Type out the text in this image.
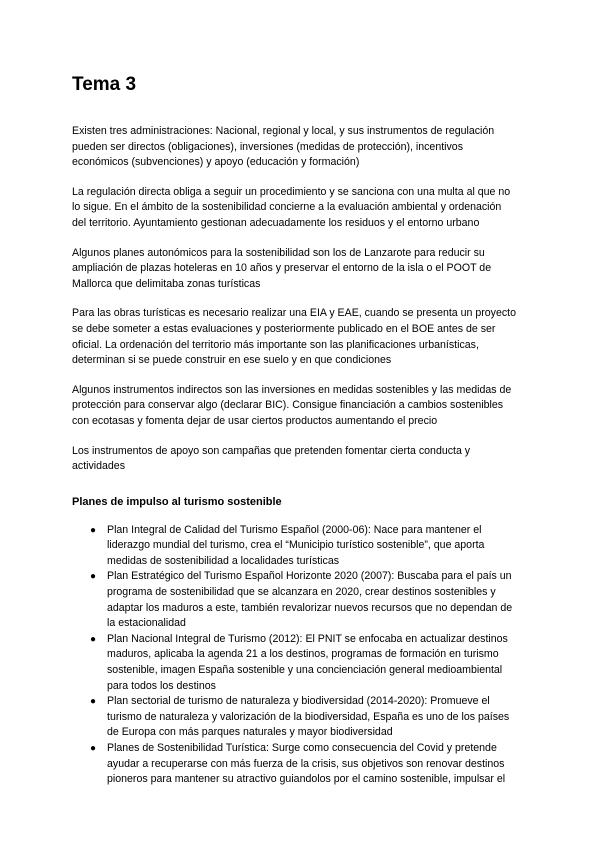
Tema 3

Existen tres administraciones: Nacional, regional y local, y sus instrumentos de regulación pueden ser directos (obligaciones), inversiones (medidas de protección), incentivos económicos (subvenciones) y apoyo (educación y formación)

La regulación directa obliga a seguir un procedimiento y se sanciona con una multa al que no lo sigue. En el ámbito de la sostenibilidad concierne a la evaluación ambiental y ordenación del territorio. Ayuntamiento gestionan adecuadamente los residuos y el entorno urbano

Algunos planes autonómicos para la sostenibilidad son los de Lanzarote para reducir su ampliación de plazas hoteleras en 10 años y preservar el entorno de la isla o el POOT de Mallorca que delimitaba zonas turísticas

Para las obras turísticas es necesario realizar una EIA y EAE, cuando se presenta un proyecto se debe someter a estas evaluaciones y posteriormente publicado en el BOE antes de ser oficial. La ordenación del territorio más importante son las planificaciones urbanísticas, determinan si se puede construir en ese suelo y en que condiciones

Algunos instrumentos indirectos son las inversiones en medidas sostenibles y las medidas de protección para conservar algo (declarar BIC). Consigue financiación a cambios sostenibles con ecotasas y fomenta dejar de usar ciertos productos aumentando el precio

Los instrumentos de apoyo son campañas que pretenden fomentar cierta conducta y actividades

Planes de impulso al turismo sostenible
● Plan Integral de Calidad del Turismo Español (2000-06): Nace para mantener el liderazgo mundial del turismo, crea el “Municipio turístico sostenible”, que aporta medidas de sostenibilidad a localidades turísticas
● Plan Estratégico del Turismo Español Horizonte 2020 (2007): Buscaba para el país un programa de sostenibilidad que se alcanzara en 2020, crear destinos sostenibles y adaptar los maduros a este, también revalorizar nuevos recursos que no dependan de la estacionalidad
● Plan Nacional Integral de Turismo (2012): El PNIT se enfocaba en actualizar destinos maduros, aplicaba la agenda 21 a los destinos, programas de formación en turismo sostenible, imagen España sostenible y una concienciación general medioambiental para todos los destinos
● Plan sectorial de turismo de naturaleza y biodiversidad (2014-2020): Promueve el turismo de naturaleza y valorización de la biodiversidad, España es uno de los países de Europa con más parques naturales y mayor biodiversidad
● Planes de Sostenibilidad Turística: Surge como consecuencia del Covid y pretende ayudar a recuperarse con más fuerza de la crisis, sus objetivos son renovar destinos pioneros para mantener su atractivo guiandolos por el camino sostenible, impulsar el
